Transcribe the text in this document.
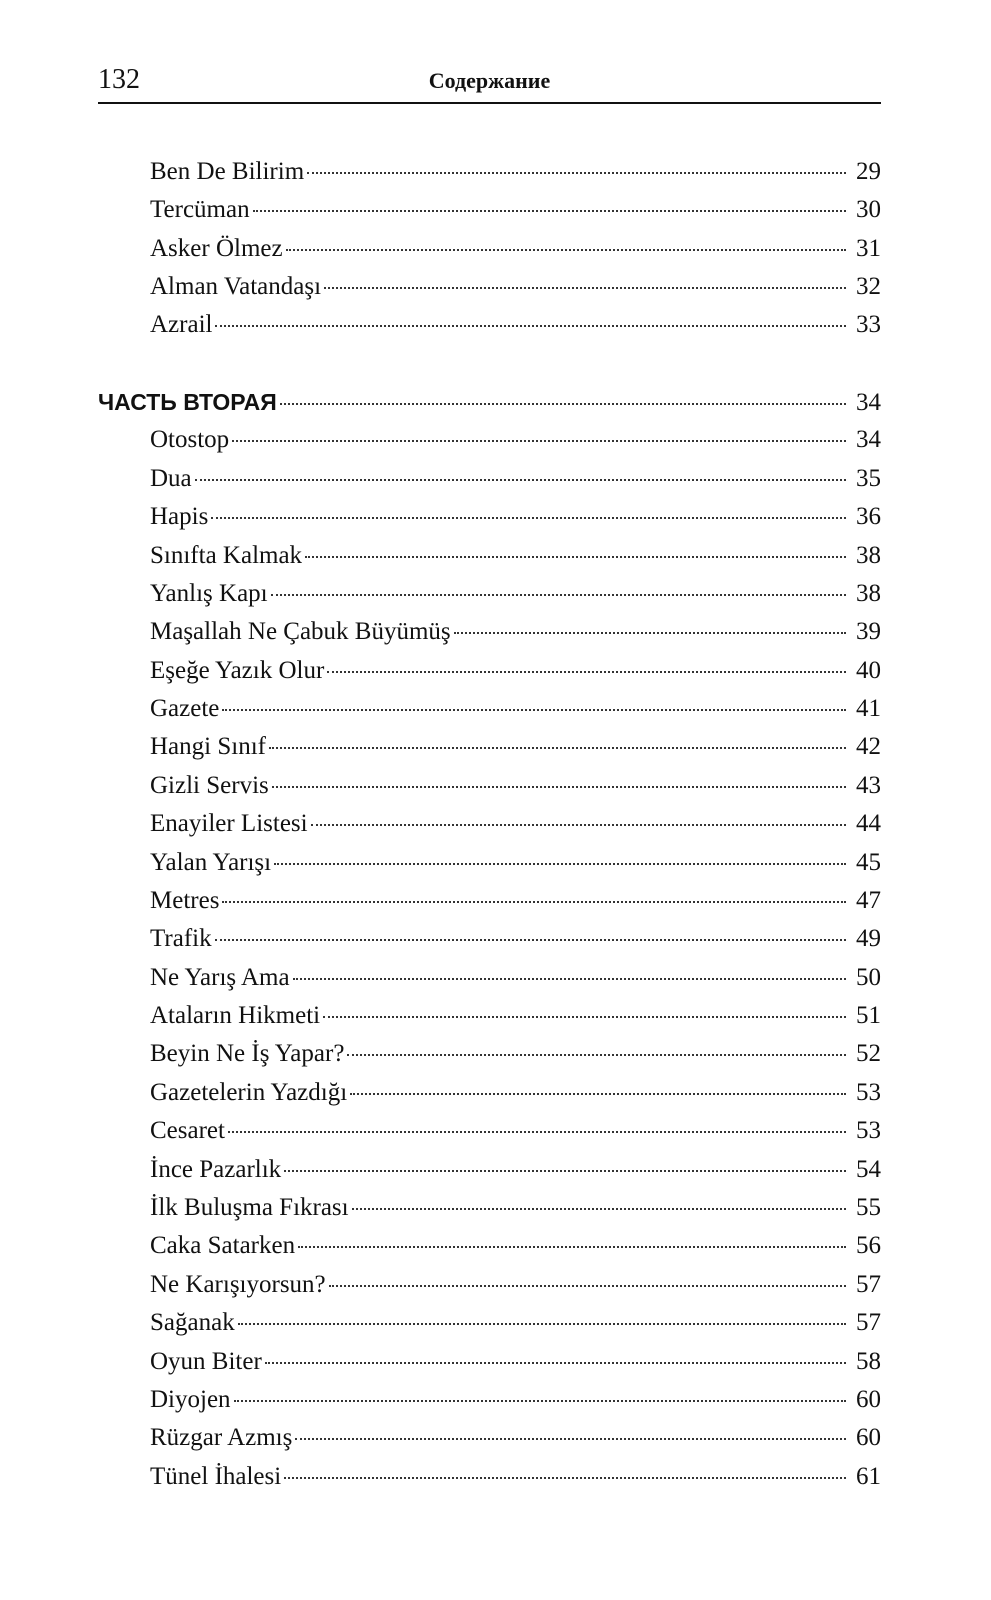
132	Содержание
Ben De Bilirim	29
Tercüman	30
Asker Ölmez	31
Alman Vatandaşı	32
Azrail	33
ЧАСТЬ ВТОРАЯ	34
Otostop	34
Dua	35
Hapis	36
Sınıfta Kalmak	38
Yanlış Kapı	38
Maşallah Ne Çabuk Büyümüş	39
Eşeğe Yazık Olur	40
Gazete	41
Hangi Sınıf	42
Gizli Servis	43
Enayiler Listesi	44
Yalan Yarışı	45
Metres	47
Trafik	49
Ne Yarış Ama	50
Ataların Hikmeti	51
Beyin Ne İş Yapar?	52
Gazetelerin Yazdığı	53
Cesaret	53
İnce Pazarlık	54
İlk Buluşma Fıkrası	55
Caka Satarken	56
Ne Karışıyorsun?	57
Sağanak	57
Oyun Biter	58
Diyojen	60
Rüzgar Azmış	60
Tünel İhalesi	61
